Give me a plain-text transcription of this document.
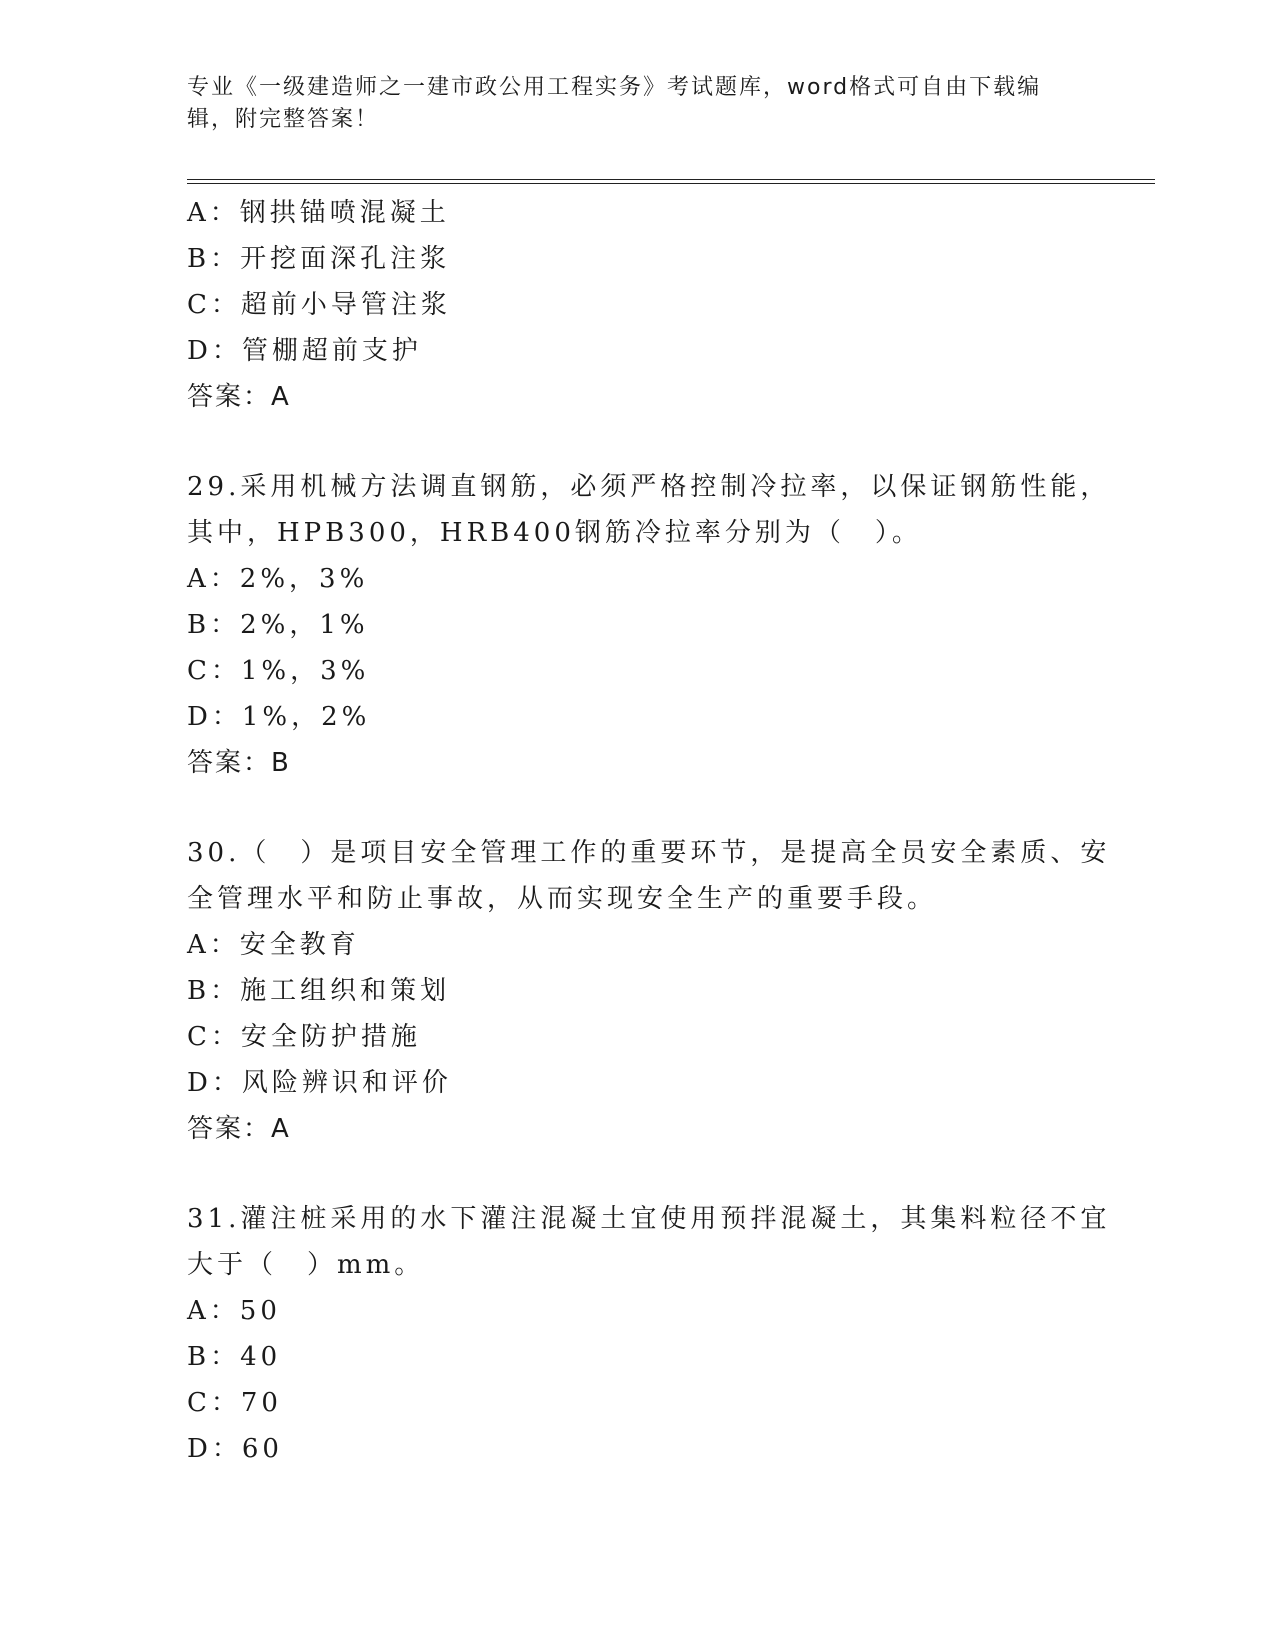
专业《一级建造师之一建市政公用工程实务》考试题库，word格式可自由下载编辑，附完整答案！
A：钢拱锚喷混凝土
B：开挖面深孔注浆
C：超前小导管注浆
D：管棚超前支护
答案：A
29.采用机械方法调直钢筋，必须严格控制冷拉率，以保证钢筋性能，
其中，HPB300，HRB400钢筋冷拉率分别为（　）。
A：2%，3%
B：2%，1%
C：1%，3%
D：1%，2%
答案：B
30.（　）是项目安全管理工作的重要环节，是提高全员安全素质、安
全管理水平和防止事故，从而实现安全生产的重要手段。
A：安全教育
B：施工组织和策划
C：安全防护措施
D：风险辨识和评价
答案：A
31.灌注桩采用的水下灌注混凝土宜使用预拌混凝土，其集料粒径不宜
大于（　）mm。
A：50
B：40
C：70
D：60
